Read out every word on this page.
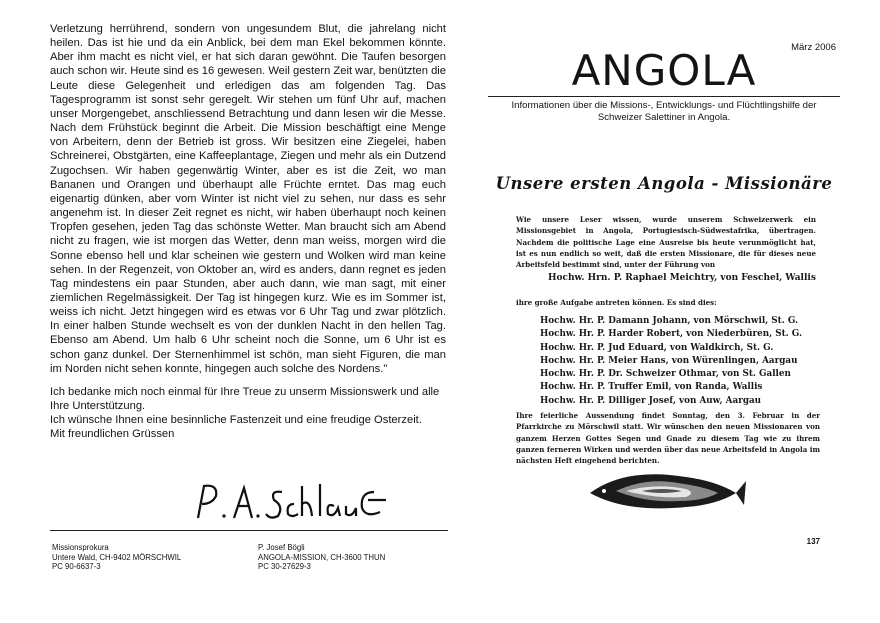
Verletzung herrührend, sondern von ungesundem Blut, die jahrelang nicht heilen. Das ist hie und da ein Anblick, bei dem man Ekel bekommen könnte. Aber ihm macht es nicht viel, er hat sich daran gewöhnt. Die Taufen besorgen auch schon wir. Heute sind es 16 gewesen. Weil gestern Zeit war, benützten die Leute diese Gelegenheit und erledigen das am folgenden Tag. Das Tagesprogramm ist sonst sehr geregelt. Wir stehen um fünf Uhr auf, machen unser Morgengebet, anschliessend Betrachtung und dann lesen wir die Messe. Nach dem Frühstück beginnt die Arbeit. Die Mission beschäftigt eine Menge von Arbeitern, denn der Betrieb ist gross. Wir besitzen eine Ziegelei, haben Schreinerei, Obstgärten, eine Kaffeeplantage, Ziegen und mehr als ein Dutzend Zugochsen. Wir haben gegenwärtig Winter, aber es ist die Zeit, wo man Bananen und Orangen und überhaupt alle Früchte erntet. Das mag euch eigenartig dünken, aber vom Winter ist nicht viel zu sehen, nur dass es sehr angenehm ist. In dieser Zeit regnet es nicht, wir haben überhaupt noch keinen Tropfen gesehen, jeden Tag das schönste Wetter. Man braucht sich am Abend nicht zu fragen, wie ist morgen das Wetter, denn man weiss, morgen wird die Sonne ebenso hell und klar scheinen wie gestern und Wolken wird man keine sehen. In der Regenzeit, von Oktober an, wird es anders, dann regnet es jeden Tag mindestens ein paar Stunden, aber auch dann, wie man sagt, mit einer ziemlichen Regelmässigkeit. Der Tag ist hingegen kurz. Wie es im Sommer ist, weiss ich nicht. Jetzt hingegen wird es etwas vor 6 Uhr Tag und zwar plötzlich. In einer halben Stunde wechselt es von der dunklen Nacht in den hellen Tag. Ebenso am Abend. Um halb 6 Uhr scheint noch die Sonne, um 6 Uhr ist es schon ganz dunkel. Der Sternenhimmel ist schön, man sieht Figuren, die man im Norden nicht sehen konnte, hingegen auch solche des Nordens."

Ich bedanke mich noch einmal für Ihre Treue zu unserm Missionswerk und alle Ihre Unterstützung.

Ich wünsche Ihnen eine besinnliche Fastenzeit und eine freudige Osterzeit.

Mit freundlichen Grüssen

Missionsprokura

Untere Wald, CH-9402 MÖRSCHWIL

PC 90-6637-3

P. Josef Bögli

ANGOLA-MISSION, CH-3600 THUN

PC 30-27629-3

März 2006
ANGOLA
Informationen über die Missions-, Entwicklungs- und Flüchtlingshilfe der Schweizer Salettiner in Angola.
Unsere ersten Angola - Missionäre

Wie unsere Leser wissen, wurde unserem Schweizerwerk ein Missionsgebiet in Angola, Portugiesisch-Südwestafrika, übertragen. Nachdem die politische Lage eine Ausreise bis heute verunmöglicht hat, ist es nun endlich so weit, daß die ersten Missionare, die für dieses neue Arbeitsfeld bestimmt sind, unter der Führung von

Hochw. Hrn. P. Raphael Meichtry, von Feschel, Wallis
ihre große Aufgabe antreten können. Es sind dies:
Hochw. Hr. P. Damann Johann, von Mörschwil, St. G.
Hochw. Hr. P. Harder Robert, von Niederbüren, St. G.
Hochw. Hr. P. Jud Eduard, von Waldkirch, St. G.
Hochw. Hr. P. Meier Hans, von Würenlingen, Aargau
Hochw. Hr. P. Dr. Schweizer Othmar, von St. Gallen
Hochw. Hr. P. Truffer Emil, von Randa, Wallis
Hochw. Hr. P. Dilliger Josef, von Auw, Aargau

Ihre feierliche Aussendung findet Sonntag, den 3. Februar in der Pfarrkirche zu Mörschwil statt. Wir wünschen den neuen Missionaren von ganzem Herzen Gottes Segen und Gnade zu diesem Tag wie zu ihrem ganzen ferneren Wirken und werden über das neue Arbeitsfeld in Angola im nächsten Heft eingehend berichten.

137
